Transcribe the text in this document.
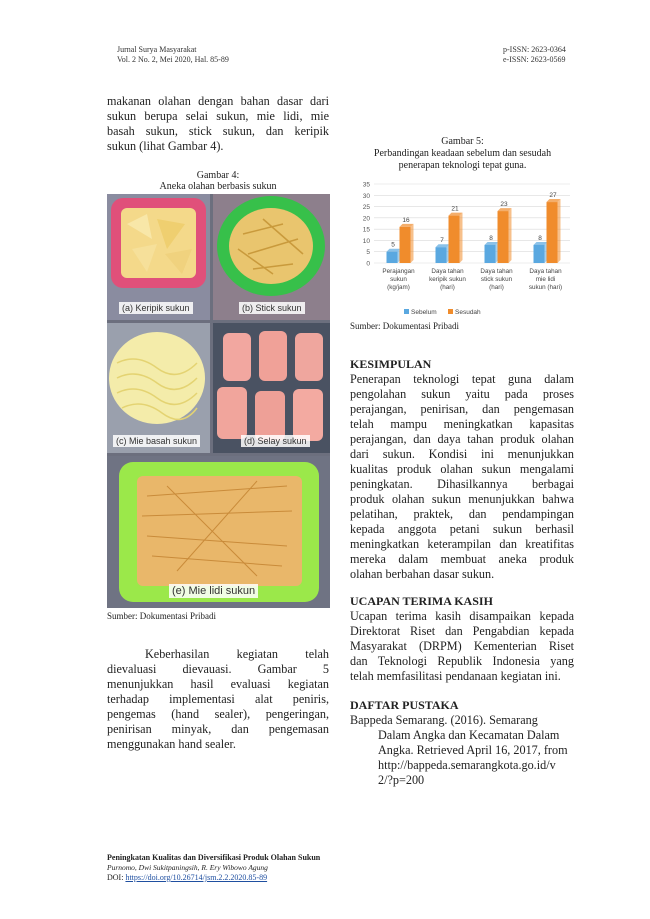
Jurnal Surya Masyarakat
Vol. 2 No. 2, Mei 2020, Hal. 85-89
p-ISSN: 2623-0364
e-ISSN: 2623-0569

makanan olahan dengan bahan dasar dari

sukun berupa selai sukun, mie lidi, mie

basah sukun, stick sukun, dan keripik

sukun (lihat Gambar 4).

Gambar 4:
Aneka olahan berbasis sukun
(a) Keripik sukun	(b) Stick sukun
(c) Mie basah sukun	(d) Selay sukun
(e) Mie lidi sukun
Sumber: Dokumentasi Pribadi

Keberhasilan kegiatan telah

dievaluasi dievauasi. Gambar 5

menunjukkan hasil evaluasi kegiatan

terhadap implementasi alat peniris,

pengemas (hand sealer), pengeringan,

penirisan minyak, dan pengemasan

menggunakan hand sealer.

Gambar 5:
Perbandingan keadaan sebelum dan sesudah
penerapan teknologi tepat guna.
0
5
10
15
20
25
30
35
5
16
Perajangan
sukun
(kg/jam)
7
21
Daya tahan
keripik sukun
(hari)
8
23
Daya tahan
stick sukun
(hari)
8
27
Daya tahan
mie lidi
sukun (hari)
Sebelum	Sesudah
Sumber: Dokumentasi Pribadi
KESIMPULAN

Penerapan teknologi tepat guna dalam

pengolahan sukun yaitu pada proses

perajangan, penirisan, dan pengemasan

telah mampu meningkatkan kapasitas

perajangan, dan daya tahan produk olahan

dari sukun. Kondisi ini menunjukkan

kualitas produk olahan sukun mengalami

peningkatan. Dihasilkannya berbagai

produk olahan sukun menunjukkan bahwa

pelatihan, praktek, dan pendampingan

kepada anggota petani sukun berhasil

meningkatkan keterampilan dan kreatifitas

mereka dalam membuat aneka produk

olahan berbahan dasar sukun.

UCAPAN TERIMA KASIH

Ucapan terima kasih disampaikan kepada

Direktorat Riset dan Pengabdian kepada

Masyarakat (DRPM) Kementerian Riset

dan Teknologi Republik Indonesia yang

telah memfasilitasi pendanaan kegiatan ini.

DAFTAR PUSTAKA

Bappeda Semarang. (2016). Semarang

Dalam Angka dan Kecamatan Dalam

Angka. Retrieved April 16, 2017, from

http://bappeda.semarangkota.go.id/v

2/?p=200

Peningkatan Kualitas dan Diversifikasi Produk Olahan Sukun
Purnomo, Dwi Sukitpaningsih, R. Ery Wibowo Agung
DOI: https://doi.org/10.26714/jsm.2.2.2020.85-89
